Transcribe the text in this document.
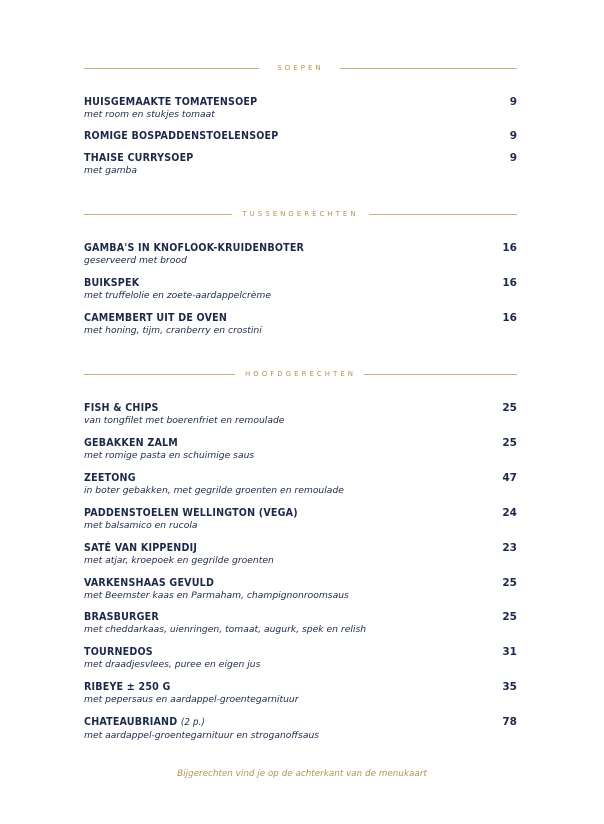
SOEPEN
HUISGEMAAKTE TOMATENSOEP	9
met room en stukjes tomaat
ROMIGE BOSPADDENSTOELENSOEP	9
THAISE CURRYSOEP	9
met gamba
TUSSENGERECHTEN
GAMBA'S IN KNOFLOOK-KRUIDENBOTER	16
geserveerd met brood
BUIKSPEK	16
met truffelolie en zoete-aardappelcrème
CAMEMBERT UIT DE OVEN	16
met honing, tijm, cranberry en crostini
HOOFDGERECHTEN
FISH & CHIPS	25
van tongfilet met boerenfriet en remoulade
GEBAKKEN ZALM	25
met romige pasta en schuimige saus
ZEETONG	47
in boter gebakken, met gegrilde groenten en remoulade
PADDENSTOELEN WELLINGTON (VEGA)	24
met balsamico en rucola
SATÉ VAN KIPPENDIJ	23
met atjar, kroepoek en gegrilde groenten
VARKENSHAAS GEVULD	25
met Beemster kaas en Parmaham, champignonroomsaus
BRASBURGER	25
met cheddarkaas, uienringen, tomaat, augurk, spek en relish
TOURNEDOS	31
met draadjesvlees, puree en eigen jus
RIBEYE ± 250 G	35
met pepersaus en aardappel-groentegarnituur
CHATEAUBRIAND (2 p.)	78
met aardappel-groentegarnituur en stroganoffsaus
Bijgerechten vind je op de achterkant van de menukaart
